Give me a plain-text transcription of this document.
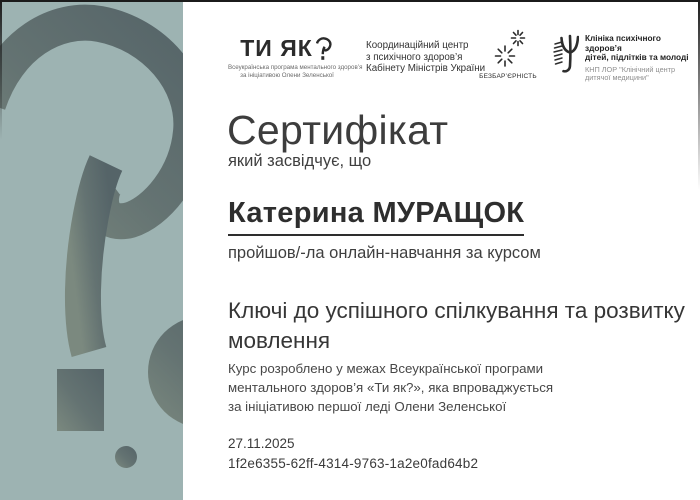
ТИ ЯК
Всеукраїнська програма ментального здоров’я
за ініціативою Олени Зеленської
Координаційний центр
з психічного здоров’я
Кабінету Міністрів України
БЕЗБАР’ЄРНІСТЬ
Клініка психічного здоров’я
дітей, підлітків та молоді
КНП ЛОР "Клінічний центр
дитячої медицини"
Сертифікат
який засвідчує, що
Катерина МУРАЩОК
пройшов/-ла онлайн-навчання за курсом
Ключі до успішного спілкування та розвитку
мовлення
Курс розроблено у межах Всеукраїнської програми
ментального здоров’я «Ти як?», яка впроваджується
за ініціативою першої леді Олени Зеленської
27.11.2025
1f2e6355-62ff-4314-9763-1a2e0fad64b2
